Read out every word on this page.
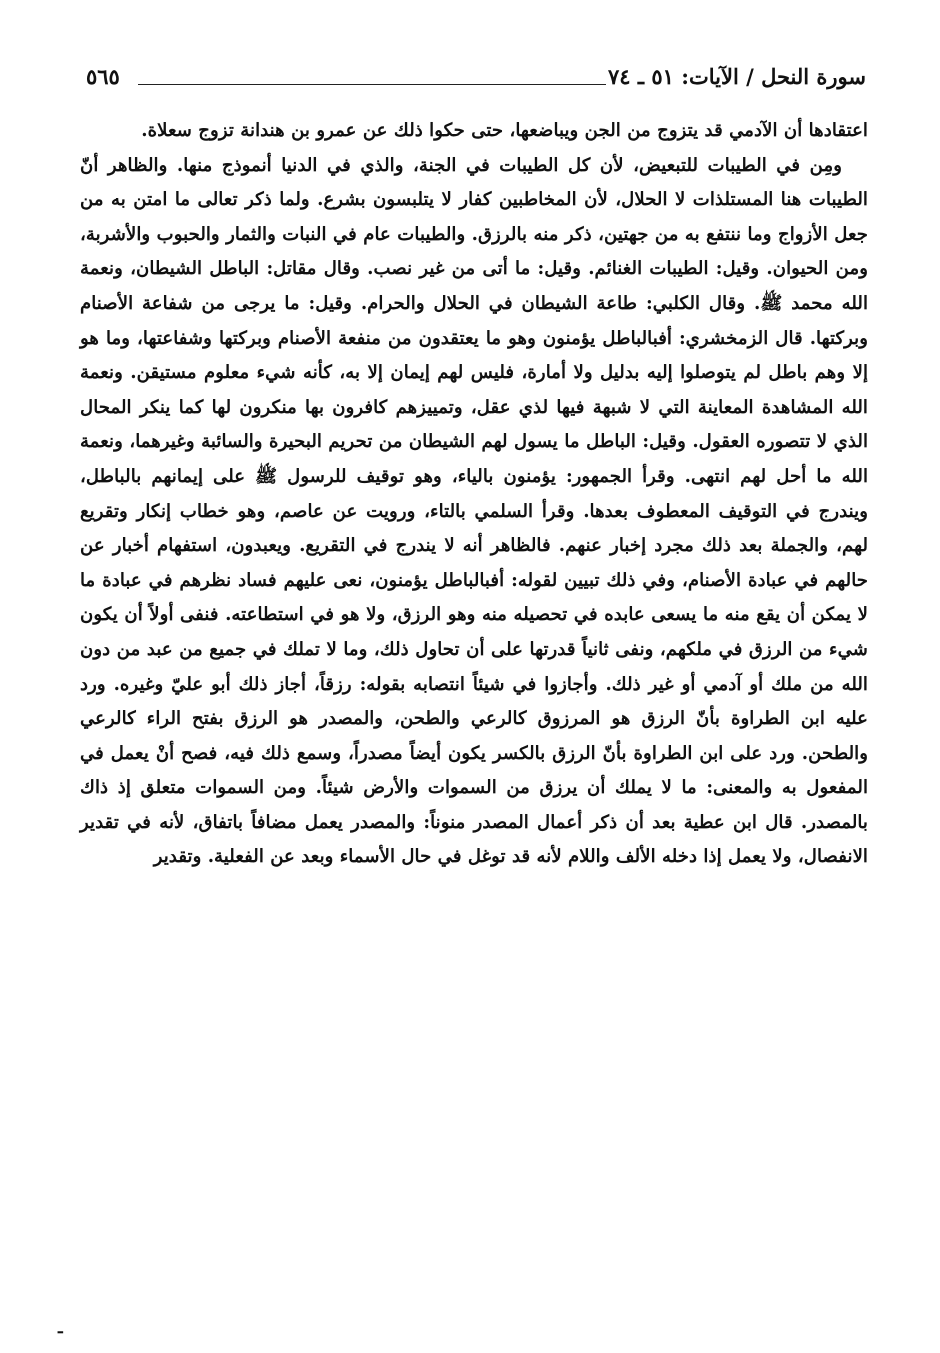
سورة النحل / الآيات: ٥١ ـ ٧٤
٥٦٥

اعتقادها أن الآدمي قد يتزوج من الجن ويباضعها، حتى حكوا ذلك عن عمرو بن هندانة تزوج سعلاة.

ومِن في الطيبات للتبعيض، لأن كل الطيبات في الجنة، والذي في الدنيا أنموذج منها. والظاهر أنّ الطيبات هنا المستلذات لا الحلال، لأن المخاطبين كفار لا يتلبسون بشرع. ولما ذكر تعالى ما امتن به من جعل الأزواج وما ننتفع به من جهتين، ذكر منه بالرزق. والطيبات عام في النبات والثمار والحبوب والأشربة، ومن الحيوان. وقيل: الطيبات الغنائم. وقيل: ما أتى من غير نصب. وقال مقاتل: الباطل الشيطان، ونعمة الله محمد ﷺ. وقال الكلبي: طاعة الشيطان في الحلال والحرام. وقيل: ما يرجى من شفاعة الأصنام وبركتها. قال الزمخشري: أفبالباطل يؤمنون وهو ما يعتقدون من منفعة الأصنام وبركتها وشفاعتها، وما هو إلا وهم باطل لم يتوصلوا إليه بدليل ولا أمارة، فليس لهم إيمان إلا به، كأنه شيء معلوم مستيقن. ونعمة الله المشاهدة المعاينة التي لا شبهة فيها لذي عقل، وتمييزهم كافرون بها منكرون لها كما ينكر المحال الذي لا تتصوره العقول. وقيل: الباطل ما يسول لهم الشيطان من تحريم البحيرة والسائبة وغيرهما، ونعمة الله ما أحل لهم انتهى. وقرأ الجمهور: يؤمنون بالياء، وهو توقيف للرسول ﷺ على إيمانهم بالباطل، ويندرج في التوقيف المعطوف بعدها. وقرأ السلمي بالتاء، ورويت عن عاصم، وهو خطاب إنكار وتقريع لهم، والجملة بعد ذلك مجرد إخبار عنهم. فالظاهر أنه لا يندرج في التقريع. ويعبدون، استفهام أخبار عن حالهم في عبادة الأصنام، وفي ذلك تبيين لقوله: أفبالباطل يؤمنون، نعى عليهم فساد نظرهم في عبادة ما لا يمكن أن يقع منه ما يسعى عابده في تحصيله منه وهو الرزق، ولا هو في استطاعته. فنفى أولاً أن يكون شيء من الرزق في ملكهم، ونفى ثانياً قدرتها على أن تحاول ذلك، وما لا تملك في جميع من عبد من دون الله من ملك أو آدمي أو غير ذلك. وأجازوا في شيئاً انتصابه بقوله: رزقاً، أجاز ذلك أبو عليّ وغيره. ورد عليه ابن الطراوة بأنّ الرزق هو المرزوق كالرعي والطحن، والمصدر هو الرزق بفتح الراء كالرعي والطحن. ورد على ابن الطراوة بأنّ الرزق بالكسر يكون أيضاً مصدراً، وسمع ذلك فيه، فصح أنْ يعمل في المفعول به والمعنى: ما لا يملك أن يرزق من السموات والأرض شيئاً. ومن السموات متعلق إذ ذاك بالمصدر. قال ابن عطية بعد أن ذكر أعمال المصدر منوناً: والمصدر يعمل مضافاً باتفاق، لأنه في تقدير الانفصال، ولا يعمل إذا دخله الألف واللام لأنه قد توغل في حال الأسماء وبعد عن الفعلية. وتقدير

ـ
